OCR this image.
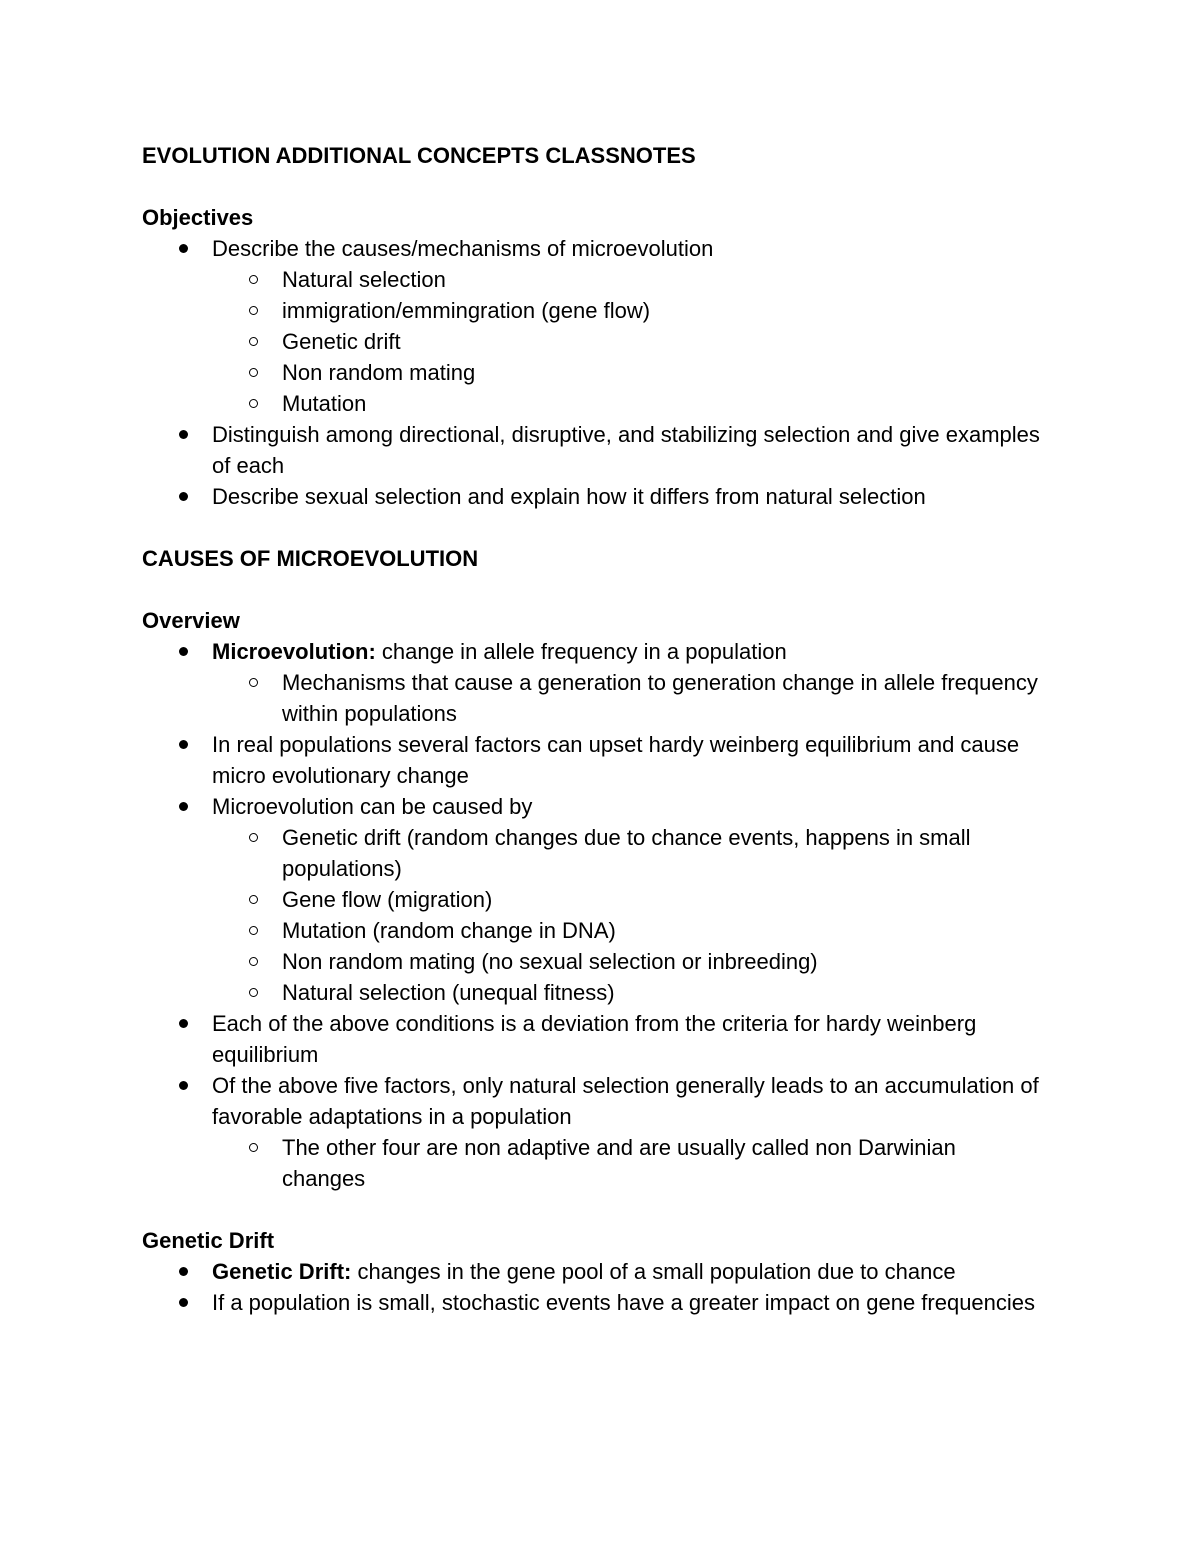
EVOLUTION ADDITIONAL CONCEPTS CLASSNOTES

Objectives

Describe the causes/mechanisms of microevolution
Natural selection
immigration/emmingration (gene flow)
Genetic drift
Non random mating
Mutation
Distinguish among directional, disruptive, and stabilizing selection and give examples of each
Describe sexual selection and explain how it differs from natural selection

CAUSES OF MICROEVOLUTION

Overview

Microevolution: change in allele frequency in a population
Mechanisms that cause a generation to generation change in allele frequency within populations
In real populations several factors can upset hardy weinberg equilibrium and cause micro evolutionary change
Microevolution can be caused by
Genetic drift (random changes due to chance events, happens in small populations)
Gene flow (migration)
Mutation (random change in DNA)
Non random mating (no sexual selection or inbreeding)
Natural selection (unequal fitness)
Each of the above conditions is a deviation from the criteria for hardy weinberg equilibrium
Of the above five factors, only natural selection generally leads to an accumulation of favorable adaptations in a population
The other four are non adaptive and are usually called non Darwinian changes

Genetic Drift

Genetic Drift: changes in the gene pool of a small population due to chance
If a population is small, stochastic events have a greater impact on gene frequencies
